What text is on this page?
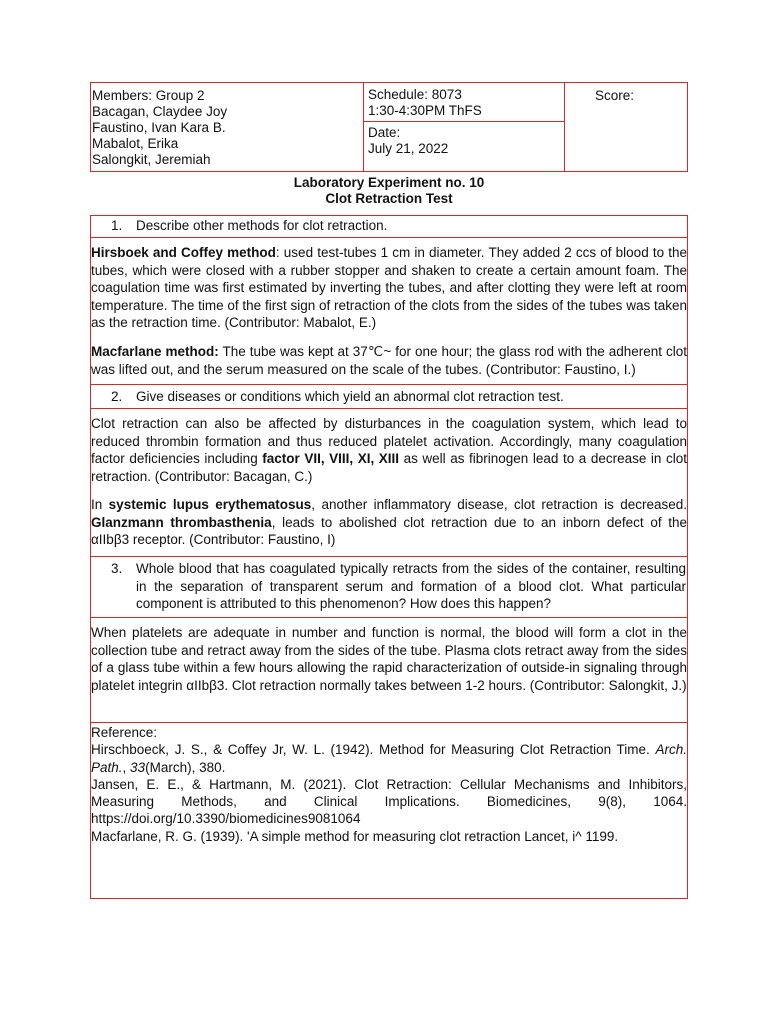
Members: Group 2
Bacagan, Claydee Joy
Faustino, Ivan Kara B.
Mabalot, Erika
Salongkit, Jeremiah
Schedule: 8073
1:30-4:30PM ThFS
Date:
July 21, 2022
Score:
Laboratory Experiment no. 10
Clot Retraction Test
1. Describe other methods for clot retraction.
Hirsboek and Coffey method: used test-tubes 1 cm in diameter. They added 2 ccs of blood to the tubes, which were closed with a rubber stopper and shaken to create a certain amount foam. The coagulation time was first estimated by inverting the tubes, and after clotting they were left at room temperature. The time of the first sign of retraction of the clots from the sides of the tubes was taken as the retraction time. (Contributor: Mabalot, E.)
Macfarlane method: The tube was kept at 37℃~ for one hour; the glass rod with the adherent clot was lifted out, and the serum measured on the scale of the tubes. (Contributor: Faustino, I.)
2. Give diseases or conditions which yield an abnormal clot retraction test.
Clot retraction can also be affected by disturbances in the coagulation system, which lead to reduced thrombin formation and thus reduced platelet activation. Accordingly, many coagulation factor deficiencies including factor VII, VIII, XI, XIII as well as fibrinogen lead to a decrease in clot retraction. (Contributor: Bacagan, C.)
In systemic lupus erythematosus, another inflammatory disease, clot retraction is decreased. Glanzmann thrombasthenia, leads to abolished clot retraction due to an inborn defect of the αIIbβ3 receptor. (Contributor: Faustino, I)
3. Whole blood that has coagulated typically retracts from the sides of the container, resulting in the separation of transparent serum and formation of a blood clot. What particular component is attributed to this phenomenon? How does this happen?
When platelets are adequate in number and function is normal, the blood will form a clot in the collection tube and retract away from the sides of the tube. Plasma clots retract away from the sides of a glass tube within a few hours allowing the rapid characterization of outside-in signaling through platelet integrin αIIbβ3. Clot retraction normally takes between 1-2 hours. (Contributor: Salongkit, J.)
Reference:
Hirschboeck, J. S., & Coffey Jr, W. L. (1942). Method for Measuring Clot Retraction Time. Arch. Path., 33(March), 380.
Jansen, E. E., & Hartmann, M. (2021). Clot Retraction: Cellular Mechanisms and Inhibitors,
Measuring Methods, and Clinical Implications. Biomedicines, 9(8), 1064.
https://doi.org/10.3390/biomedicines9081064
Macfarlane, R. G. (1939). 'A simple method for measuring clot retraction Lancet, i^ 1199.
